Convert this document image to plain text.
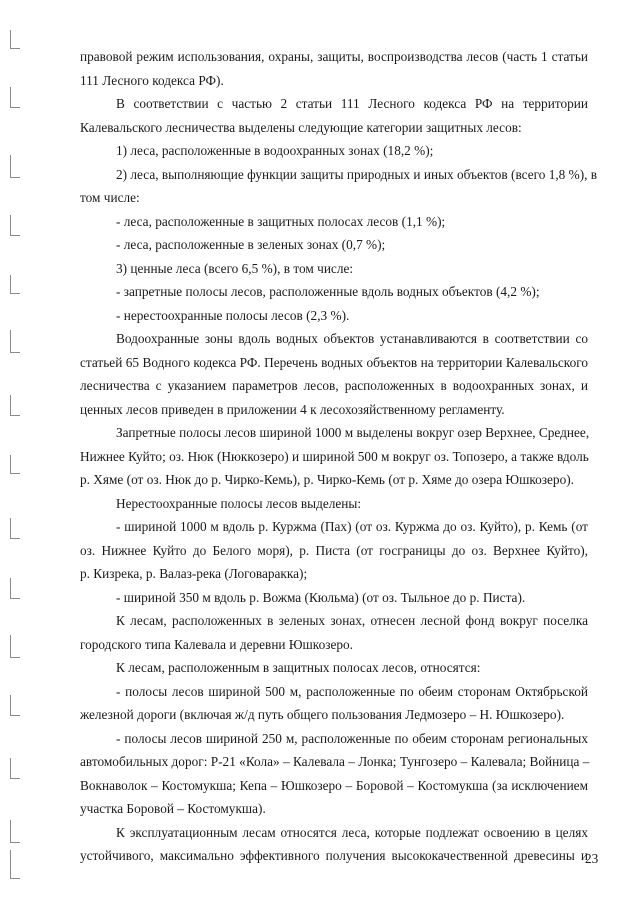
правовой режим использования, охраны, защиты, воспроизводства лесов (часть 1 статьи
111 Лесного кодекса РФ).
В соответствии с частью 2 статьи 111 Лесного кодекса РФ на территории
Калевальского лесничества выделены следующие категории защитных лесов:
1) леса, расположенные в водоохранных зонах (18,2 %);
2) леса, выполняющие функции защиты природных и иных объектов (всего 1,8 %), в
том числе:
- леса, расположенные в защитных полосах лесов (1,1 %);
- леса, расположенные в зеленых зонах (0,7 %);
3) ценные леса (всего 6,5 %), в том числе:
- запретные полосы лесов, расположенные вдоль водных объектов (4,2 %);
- нерестоохранные полосы лесов (2,3 %).
Водоохранные зоны вдоль водных объектов устанавливаются в соответствии со
статьей 65 Водного кодекса РФ. Перечень водных объектов на территории Калевальского
лесничества с указанием параметров лесов, расположенных в водоохранных зонах, и
ценных лесов приведен в приложении 4 к лесохозяйственному регламенту.
Запретные полосы лесов шириной 1000 м выделены вокруг озер Верхнее, Среднее,
Нижнее Куйто; оз. Нюк (Нюккозеро) и шириной 500 м вокруг оз. Топозеро, а также вдоль
р. Хяме (от оз. Нюк до р. Чирко-Кемь), р. Чирко-Кемь (от р. Хяме до озера Юшкозеро).
Нерестоохранные полосы лесов выделены:
- шириной 1000 м вдоль р. Куржма (Пах) (от оз. Куржма до оз. Куйто), р. Кемь (от
оз. Нижнее Куйто до Белого моря), р. Писта (от госграницы до оз. Верхнее Куйто),
р. Кизрека, р. Валаз-река (Логоваракка);
- шириной 350 м вдоль р. Вожма (Кюльма) (от оз. Тыльное до р. Писта).
К лесам, расположенных в зеленых зонах, отнесен лесной фонд вокруг поселка
городского типа Калевала и деревни Юшкозеро.
К лесам, расположенным в защитных полосах лесов, относятся:
- полосы лесов шириной 500 м, расположенные по обеим сторонам Октябрьской
железной дороги (включая ж/д путь общего пользования Ледмозеро – Н. Юшкозеро).
- полосы лесов шириной 250 м, расположенные по обеим сторонам региональных
автомобильных дорог: Р-21 «Кола» – Калевала – Лонка; Тунгозеро – Калевала; Войница –
Вокнаволок – Костомукша; Кепа – Юшкозеро – Боровой – Костомукша (за исключением
участка Боровой – Костомукша).
К эксплуатационным лесам относятся леса, которые подлежат освоению в целях
устойчивого, максимально эффективного получения высококачественной древесины и
23
